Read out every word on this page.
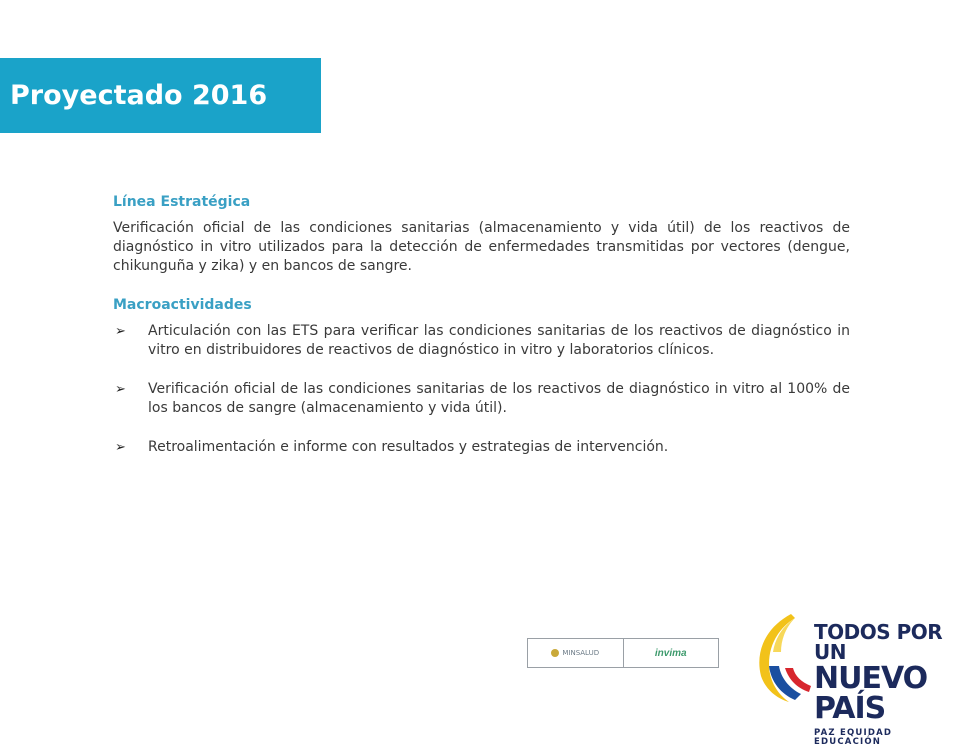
Proyectado 2016

Línea Estratégica

Verificación oficial de las condiciones sanitarias (almacenamiento y vida útil) de los reactivos de diagnóstico in vitro utilizados para la detección de enfermedades transmitidas por vectores (dengue, chikunguña y zika) y en bancos de sangre.

Macroactividades

➢ Articulación con las ETS para verificar las condiciones sanitarias de los reactivos de diagnóstico in vitro en distribuidores de reactivos de diagnóstico in vitro y laboratorios clínicos.
➢ Verificación oficial de las condiciones sanitarias de los reactivos de diagnóstico in vitro al 100% de los bancos de sangre (almacenamiento y vida útil).
➢ Retroalimentación e informe con resultados y estrategias de intervención.
MINSALUD	invima
TODOS POR UN
NUEVO PAÍS
PAZ EQUIDAD EDUCACIÓN
